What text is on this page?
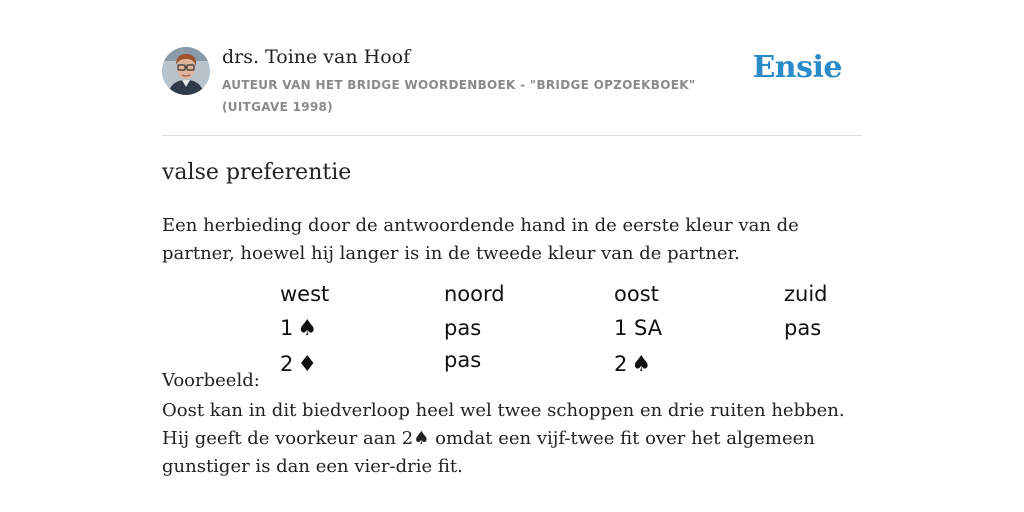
drs. Toine van Hoof
AUTEUR VAN HET BRIDGE WOORDENBOEK - "BRIDGE OPZOEKBOEK" (UITGAVE 1998)
Ensie
valse preferentie
Een herbieding door de antwoordende hand in de eerste kleur van de partner, hoewel hij langer is in de tweede kleur van de partner.
west	noord	oost	zuid
1 ♠	pas	1 SA	pas
2 ♦	pas	2 ♠
Voorbeeld:
Oost kan in dit biedverloop heel wel twee schoppen en drie ruiten hebben. Hij geeft de voorkeur aan 2♠ omdat een vijf-twee fit over het algemeen gunstiger is dan een vier-drie fit.
